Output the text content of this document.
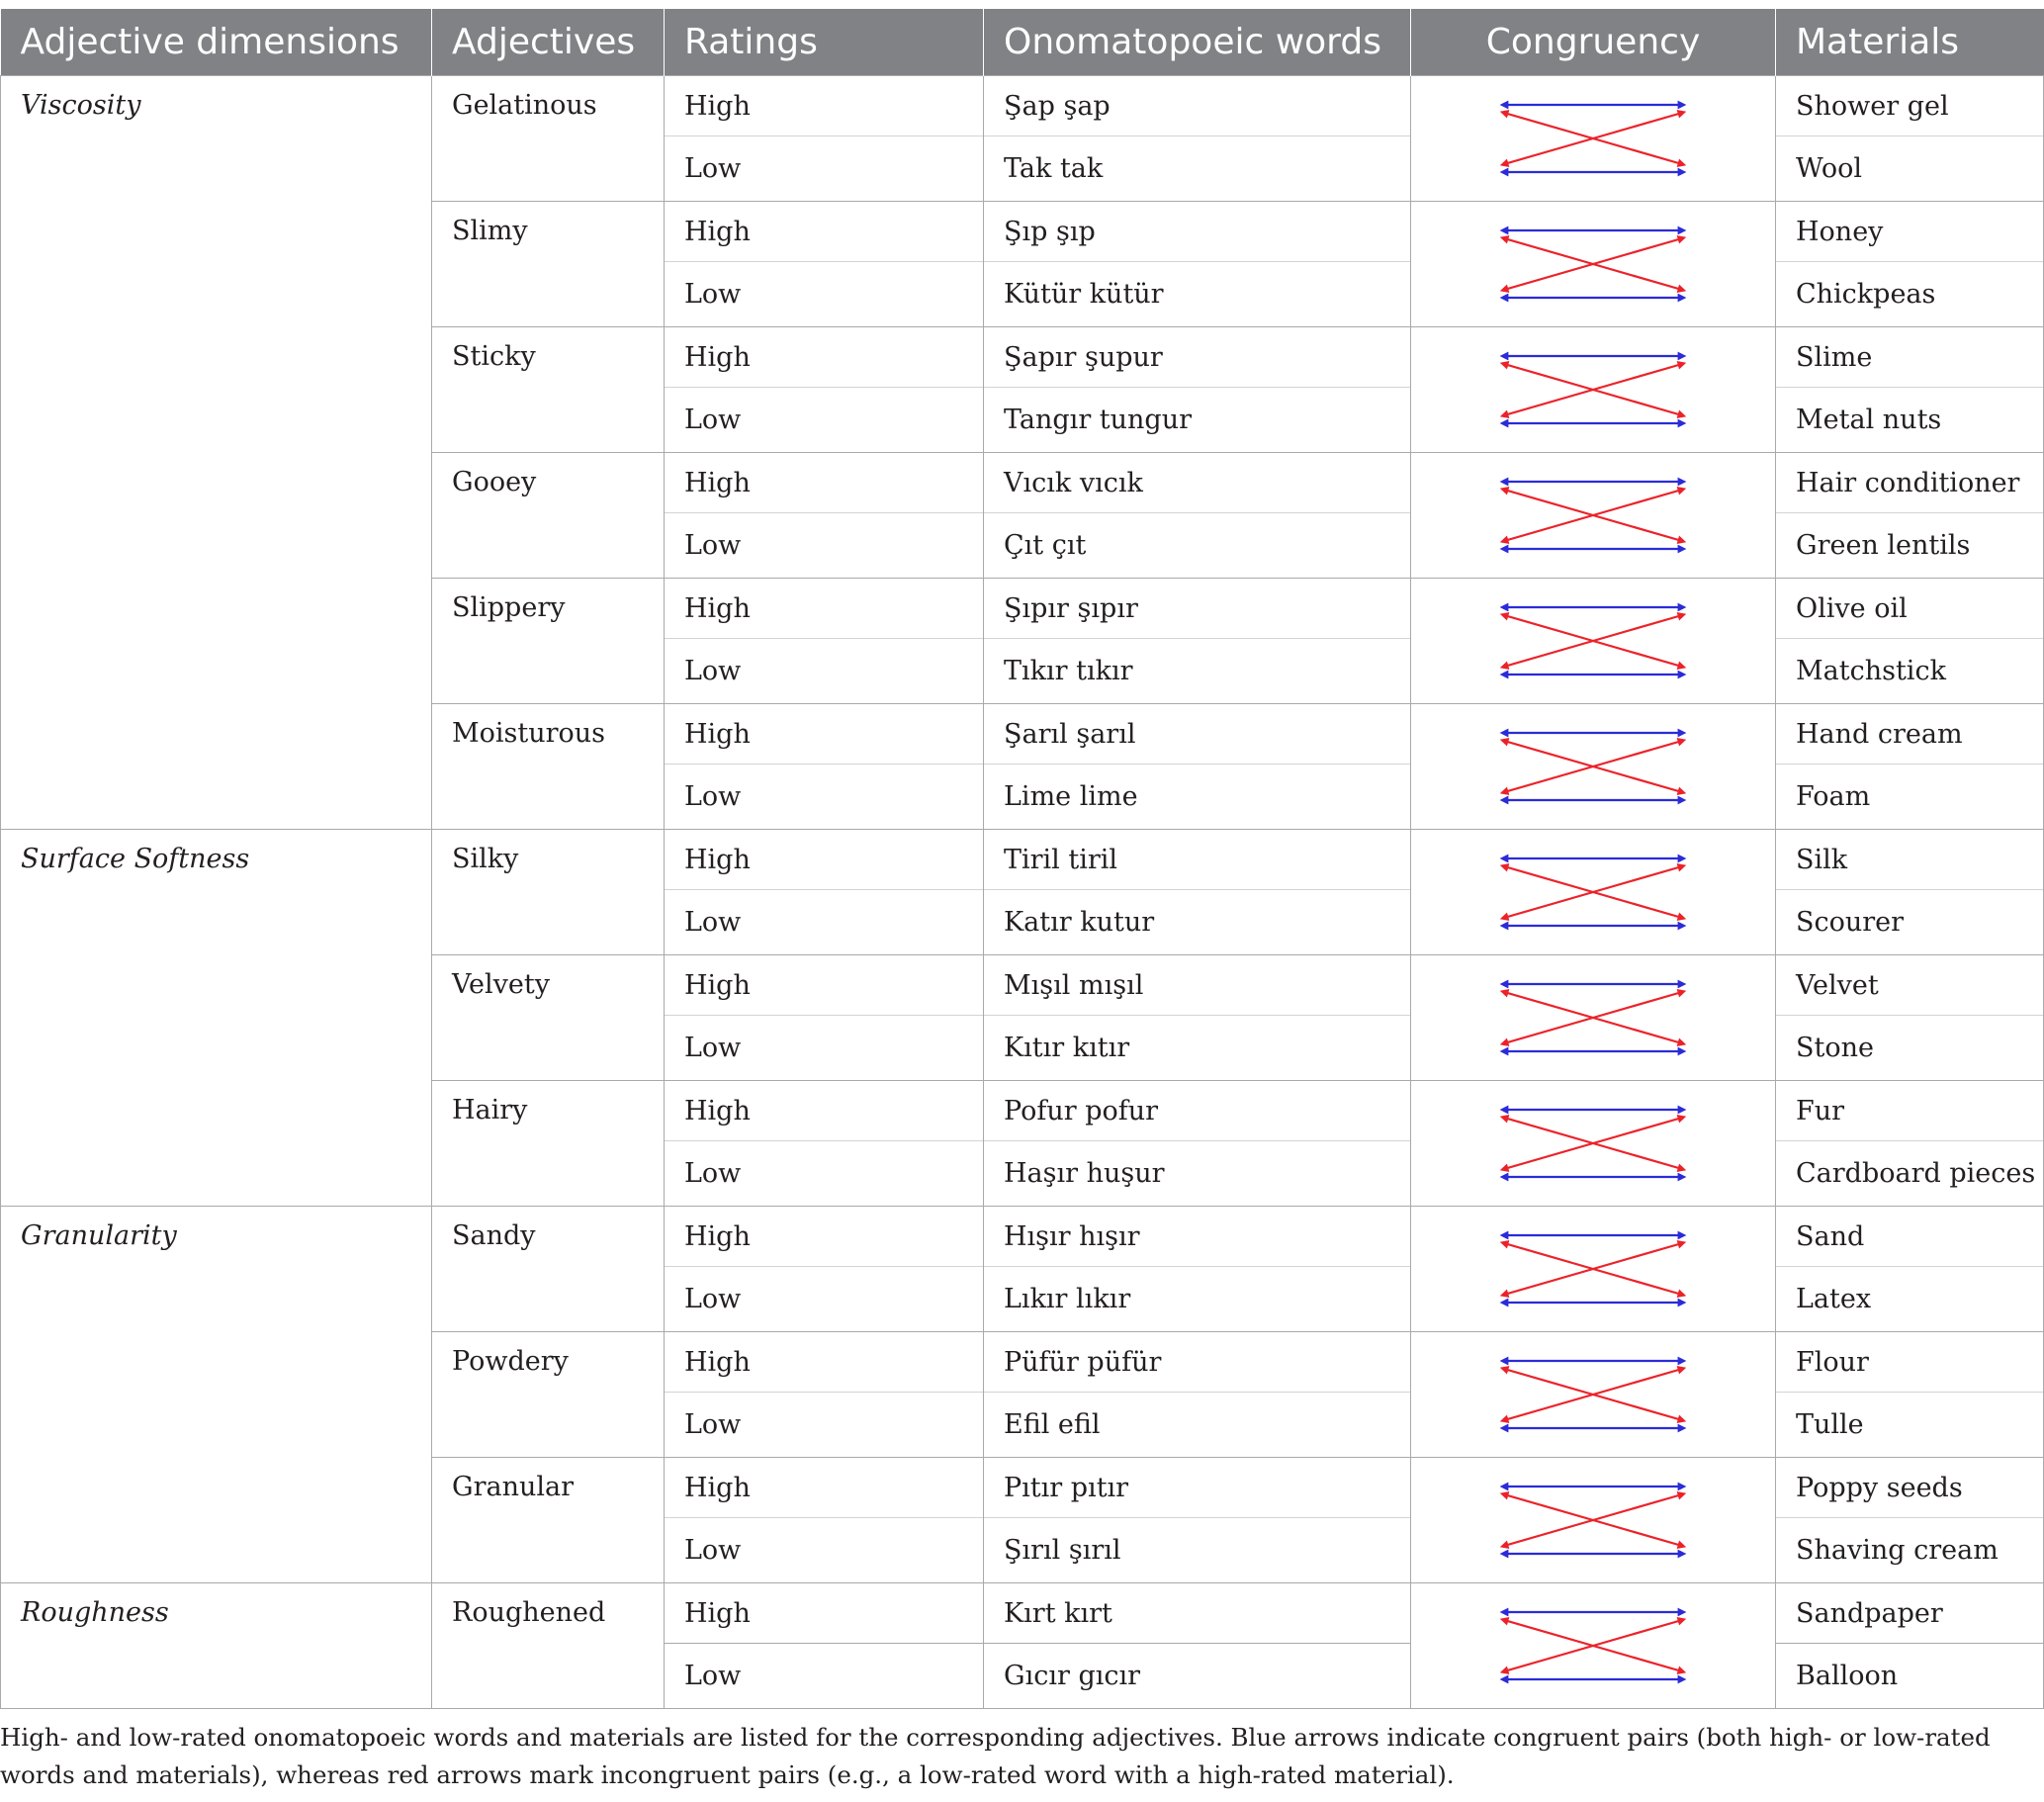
Adjective dimensions	Adjectives	Ratings	Onomatopoeic words	Congruency	Materials
Viscosity	Gelatinous	High	Şap şap		Shower gel
		Low	Tak tak		Wool
	Slimy	High	Şıp şıp		Honey
		Low	Kütür kütür		Chickpeas
	Sticky	High	Şapır şupur		Slime
		Low	Tangır tungur		Metal nuts
	Gooey	High	Vıcık vıcık		Hair conditioner
		Low	Çıt çıt		Green lentils
	Slippery	High	Şıpır şıpır		Olive oil
		Low	Tıkır tıkır		Matchstick
	Moisturous	High	Şarıl şarıl		Hand cream
		Low	Lime lime		Foam
Surface Softness	Silky	High	Tiril tiril		Silk
		Low	Katır kutur		Scourer
	Velvety	High	Mışıl mışıl		Velvet
		Low	Kıtır kıtır		Stone
	Hairy	High	Pofur pofur		Fur
		Low	Haşır huşur		Cardboard pieces
Granularity	Sandy	High	Hışır hışır		Sand
		Low	Lıkır lıkır		Latex
	Powdery	High	Püfür püfür		Flour
		Low	Efil efil		Tulle
	Granular	High	Pıtır pıtır		Poppy seeds
		Low	Şırıl şırıl		Shaving cream
Roughness	Roughened	High	Kırt kırt		Sandpaper
		Low	Gıcır gıcır		Balloon

High- and low-rated onomatopoeic words and materials are listed for the corresponding adjectives. Blue arrows indicate congruent pairs (both high- or low-rated words and materials), whereas red arrows mark incongruent pairs (e.g., a low-rated word with a high-rated material).
